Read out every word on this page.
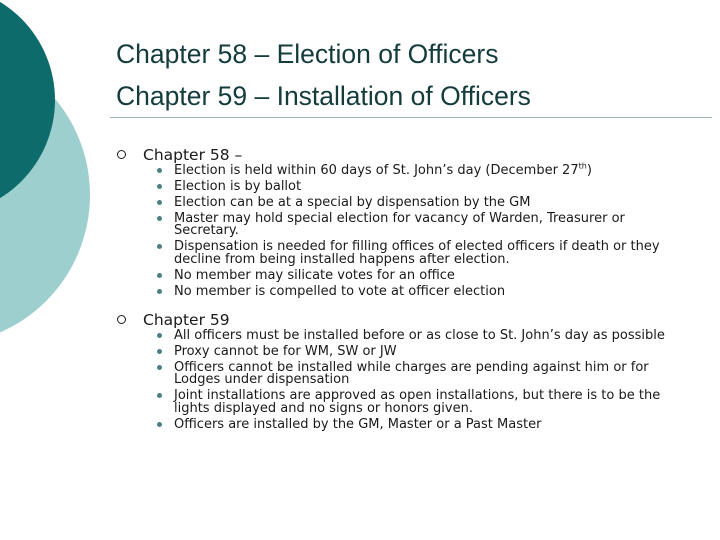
Chapter 58 – Election of Officers
Chapter 59 – Installation of Officers
Chapter 58 –
Election is held within 60 days of St. John’s day (December 27th)
Election is by ballot
Election can be at a special by dispensation by the GM
Master may hold special election for vacancy of Warden, Treasurer or Secretary.
Dispensation is needed for filling offices of elected officers if death or they decline from being installed happens after election.
No member may silicate votes for an office
No member is compelled to vote at officer election
Chapter 59
All officers must be installed before or as close to St. John’s day as possible
Proxy cannot be for WM, SW or JW
Officers cannot be installed while charges are pending against him or for Lodges under dispensation
Joint installations are approved as open installations, but there is to be the lights displayed and no signs or honors given.
Officers are installed by the GM, Master or a Past Master
